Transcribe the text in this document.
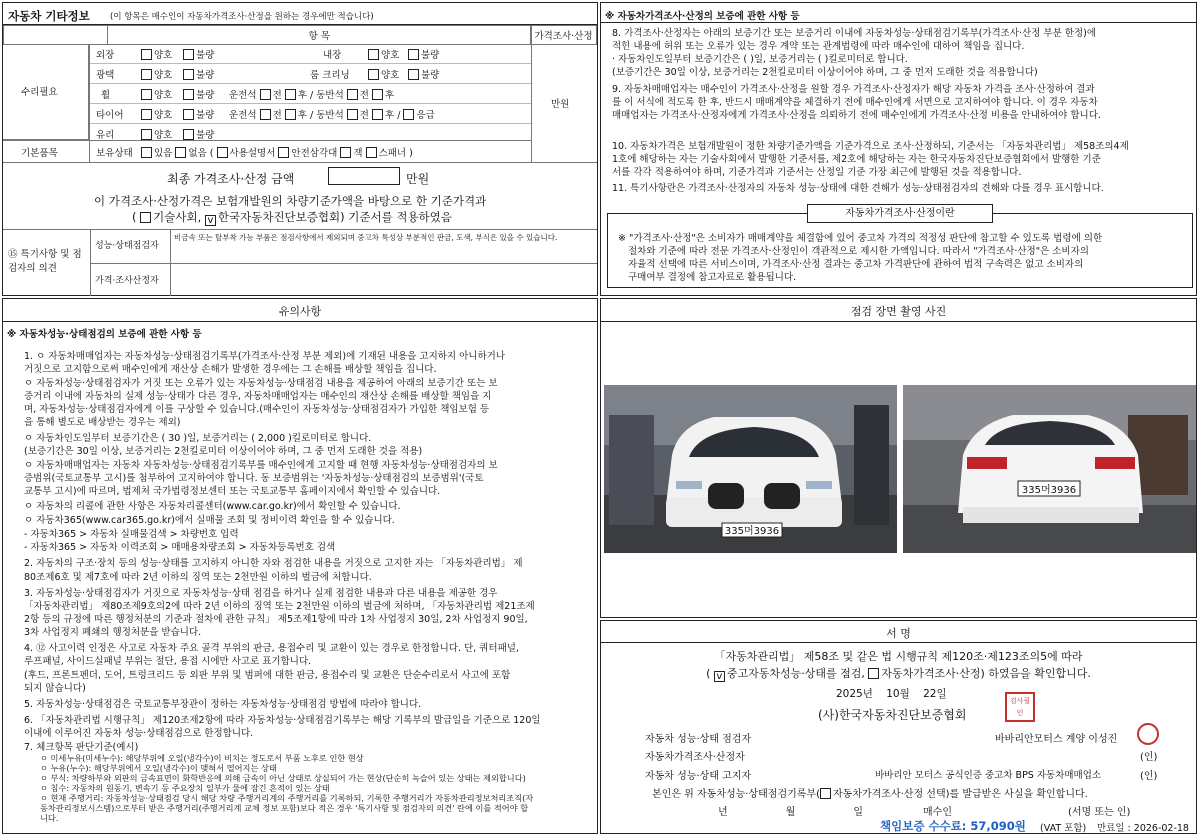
자동차 기타정보 (이 항목은 매수인이 자동차가격조사·산정을 원하는 경우에만 적습니다)
	항 목	가격조사·산정
수리필요
만원
외장	양호	불량	내장	양호	불량
광택	양호	불량	룸 크리닝	양호	불량
휠	양호	불량 운전석 전 후 / 동반석 전 후
타이어	양호	불량 운전석 전 후 / 동반석 전 후 / 응급
유리	양호	불량
기본품목	보유상태	있음 없음 ( 사용설명서 안전삼각대 잭 스패너 )
최종 가격조사·산정 금액	만원
이 가격조사·산정가격은 보험개발원의 차량기준가액을 바탕으로 한 기준가격과
( 기술사회, v 한국자동차진단보증협회) 기준서를 적용하였음
⑮ 특기사항 및 점검자의 의견
성능·상태점검자
비금속 또는 탈부착 가능 부품은 점검사항에서 제외되며 중고차 특성상 부분적인 판금, 도색, 부식은 있을 수 있습니다.
가격·조사산정자
※ 자동차가격조사·산정의 보증에 관한 사항 등
8. 가격조사·산정자는 아래의 보증기간 또는 보증거리 이내에 자동차성능·상태점검기록부(가격조사·산정 부분 한정)에
적힌 내용에 허위 또는 오류가 있는 경우 계약 또는 관계법령에 따라 매수인에 대하여 책임을 집니다.
· 자동차인도일부터 보증기간은 ( )일, 보증거리는 ( )킬로미터로 합니다.
(보증기간은 30일 이상, 보증거리는 2천킬로미터 이상이어야 하며, 그 중 먼저 도래한 것을 적용합니다)
9. 자동차매매업자는 매수인이 가격조사·산정을 원할 경우 가격조사·산정자가 해당 자동차 가격을 조사·산정하여 결과
를 이 서식에 적도록 한 후, 반드시 매매계약을 체결하기 전에 매수인에게 서면으로 고지하여야 합니다. 이 경우 자동차
매매업자는 가격조사·산정자에게 가격조사·산정을 의뢰하기 전에 매수인에게 가격조사·산정 비용을 안내하여야 합니다.
10. 자동차가격은 보험개발원이 정한 차량기준가액을 기준가격으로 조사·산정하되, 기준서는 「자동차관리법」 제58조의4제
1호에 해당하는 자는 기술사회에서 발행한 기준서를, 제2호에 해당하는 자는 한국자동차진단보증협회에서 발행한 기준
서를 각각 적용하여야 하며, 기준가격과 기준서는 산정일 기준 가장 최근에 발행된 것을 적용합니다.
11. 특기사항란은 가격조사·산정자의 자동차 성능·상태에 대한 견해가 성능·상태점검자의 견해와 다를 경우 표시합니다.
자동차가격조사·산정이란
※ "가격조사·산정"은 소비자가 매매계약을 체결함에 있어 중고차 가격의 적정성 판단에 참고할 수 있도록 법령에 의한
절차와 기준에 따라 전문 가격조사·산정인이 객관적으로 제시한 가액입니다. 따라서 "가격조사·산정"은 소비자의
자율적 선택에 따른 서비스이며, 가격조사·산정 결과는 중고차 가격판단에 관하여 법적 구속력은 없고 소비자의
구매여부 결정에 참고자료로 활용됩니다.
유의사항
※ 자동차성능·상태점검의 보증에 관한 사항 등
1. ㅇ 자동차매매업자는 자동차성능·상태점검기록부(가격조사·산정 부분 제외)에 기재된 내용을 고지하지 아니하거나
거짓으로 고지함으로써 매수인에게 재산상 손해가 발생한 경우에는 그 손해를 배상할 책임을 집니다.
ㅇ 자동차성능·상태점검자가 거짓 또는 오류가 있는 자동차성능·상태점검 내용을 제공하여 아래의 보증기간 또는 보
증거리 이내에 자동차의 실제 성능·상태가 다른 경우, 자동차매매업자는 매수인의 재산상 손해를 배상할 책임을 지
며, 자동차성능·상태점검자에게 이를 구상할 수 있습니다.(매수인이 자동차성능·상태점검자가 가입한 책임보험 등
을 통해 별도로 배상받는 경우는 제외)
ㅇ 자동차인도일부터 보증기간은 ( 30 )일, 보증거리는 ( 2,000 )킬로미터로 합니다.
(보증기간은 30일 이상, 보증거리는 2천킬로미터 이상이어야 하며, 그 중 먼저 도래한 것을 적용)
ㅇ 자동차매매업자는 자동차 자동차성능·상태점검기록부를 매수인에게 고지할 때 현행 자동차성능·상태점검자의 보
증범위(국토교통부 고시)를 첨부하여 고지하여야 합니다. 동 보증범위는 '자동차성능·상태점검의 보증범위'(국토
교통부 고시)에 따르며, 법제처 국가법령정보센터 또는 국토교통부 홈페이지에서 확인할 수 있습니다.
ㅇ 자동차의 리콜에 관한 사항은 자동차리콜센터(www.car.go.kr)에서 확인할 수 있습니다.
ㅇ 자동차365(www.car365.go.kr)에서 실매물 조회 및 정비이력 확인을 할 수 있습니다.
- 자동차365 > 자동차 실매물검색 > 차량번호 입력
- 자동차365 > 자동차 이력조회 > 매매용차량조회 > 자동차등록번호 검색
2. 자동차의 구조·장치 등의 성능·상태를 고지하지 아니한 자와 점검한 내용을 거짓으로 고지한 자는 「자동차관리법」 제
80조제6호 및 제7호에 따라 2년 이하의 징역 또는 2천만원 이하의 벌금에 처합니다.
3. 자동차성능·상태점검자가 거짓으로 자동차성능·상태 점검을 하거나 실제 점검한 내용과 다른 내용을 제공한 경우
「자동차관리법」 제80조제9호의2에 따라 2년 이하의 징역 또는 2천만원 이하의 벌금에 처하며, 「자동차관리법 제21조제
2항 등의 규정에 따른 행정처분의 기준과 절차에 관한 규칙」 제5조제1항에 따라 1차 사업정지 30일, 2차 사업정지 90일,
3차 사업정지 폐쇄의 행정처분을 받습니다.
4. ⑫ 사고이력 인정은 사고로 자동차 주요 골격 부위의 판금, 용접수리 및 교환이 있는 경우로 한정합니다. 단, 쿼터패널,
루프패널, 사이드실패널 부위는 절단, 용접 시에만 사고로 표기합니다.
(후드, 프론트펜더, 도어, 트렁크리드 등 외판 부위 및 범퍼에 대한 판금, 용접수리 및 교환은 단순수리로서 사고에 포함
되지 않습니다)
5. 자동차성능·상태점검은 국토교통부장관이 정하는 자동차성능·상태점검 방법에 따라야 합니다.
6. 「자동차관리법 시행규칙」 제120조제2항에 따라 자동차성능·상태점검기록부는 해당 기록부의 발급일을 기준으로 120일
이내에 이루어진 자동차 성능·상태점검으로 한정합니다.
7. 체크항목 판단기준(예시)
ㅇ 미세누유(미세누수): 해당부위에 오일(냉각수)이 비치는 정도로서 부품 노후로 인한 현상
ㅇ 누유(누수): 해당부위에서 오일(냉각수)이 맺혀서 떨어지는 상태
ㅇ 부식: 차량하부와 외판의 금속표면이 화학반응에 의해 금속이 아닌 상태로 상실되어 가는 현상(단순히 녹슬어 있는 상태는 제외합니다)
ㅇ 침수: 자동차의 원동기, 변속기 등 주요장치 일부가 물에 잠긴 흔적이 있는 상태
ㅇ 현재 주행거리: 자동차성능·상태점검 당시 해당 차량 주행거리계의 주행거리를 기록하되, 기록한 주행거리가 자동차관리정보처리조직(자
동차관리정보시스템)으로부터 받은 주행거리(주행거리계 교체 정보 포함)보다 적은 경우 '특기사항 및 점검자의 의견' 란에 이를 적어야 합
니다.
점검 장면 촬영 사진
335머3936
335머3936
서 명
「자동차관리법」 제58조 및 같은 법 시행규칙 제120조·제123조의5에 따라
( v 중고자동차성능·상태를 점검, 자동차가격조사·산정) 하였음을 확인합니다.
2025년 10월 22일
(사)한국자동차진단보증협회
검사필인
자동차 성능·상태 점검자	바바리안모터스 계양 이성진
자동차가격조사·산정자	(인)
자동차 성능·상태 고지자	바바리안 모터스 공식인증 중고차 BPS 자동차매매업소	(인)
본인은 위 자동차성능·상태점검기록부( 자동차가격조사·산정 선택)를 발급받은 사실을 확인합니다.
년	월	일	매수인	(서명 또는 인)
책임보증 수수료: 57,090원 (VAT 포함) 만료일 : 2026-02-18
